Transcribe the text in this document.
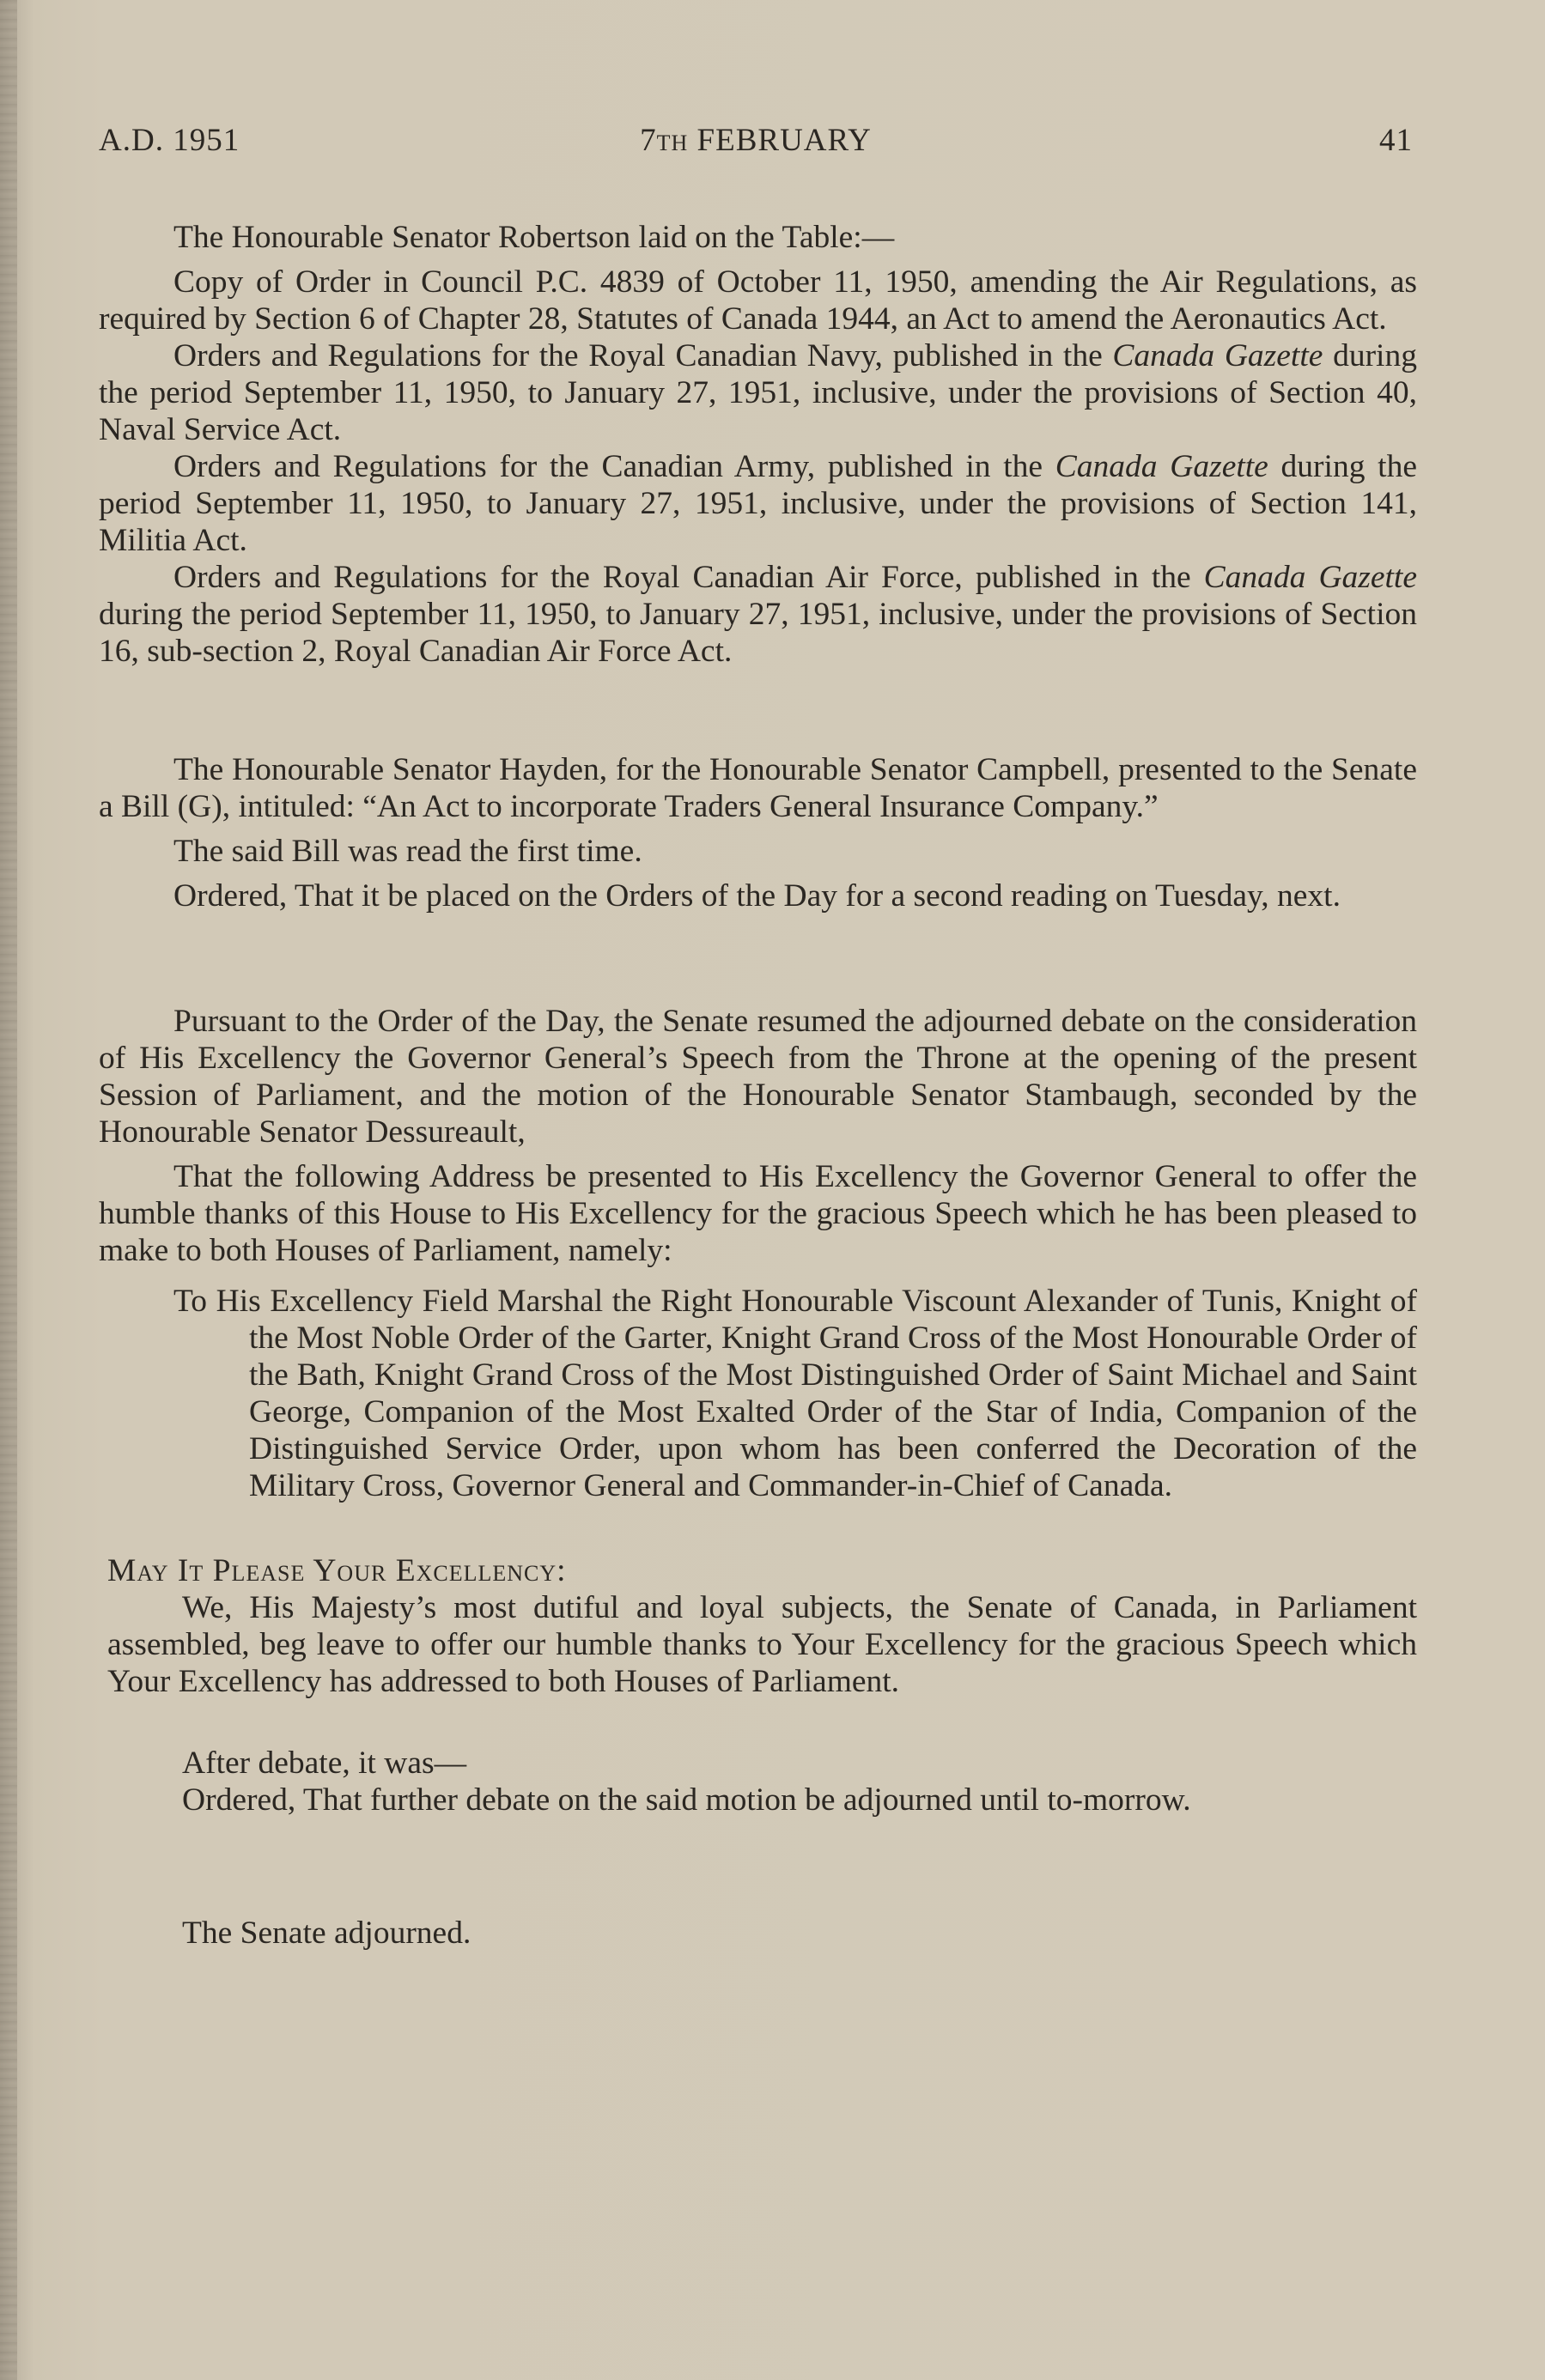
A.D. 1951	7th FEBRUARY	41

The Honourable Senator Robertson laid on the Table:—

Copy of Order in Council P.C. 4839 of October 11, 1950, amending the Air Regulations, as required by Section 6 of Chapter 28, Statutes of Canada 1944, an Act to amend the Aeronautics Act.

Orders and Regulations for the Royal Canadian Navy, published in the Canada Gazette during the period September 11, 1950, to January 27, 1951, inclusive, under the provisions of Section 40, Naval Service Act.

Orders and Regulations for the Canadian Army, published in the Canada Gazette during the period September 11, 1950, to January 27, 1951, inclusive, under the provisions of Section 141, Militia Act.

Orders and Regulations for the Royal Canadian Air Force, published in the Canada Gazette during the period September 11, 1950, to January 27, 1951, inclusive, under the provisions of Section 16, sub-section 2, Royal Canadian Air Force Act.

The Honourable Senator Hayden, for the Honourable Senator Campbell, presented to the Senate a Bill (G), intituled: “An Act to incorporate Traders General Insurance Company.”

The said Bill was read the first time.

Ordered, That it be placed on the Orders of the Day for a second reading on Tuesday, next.

Pursuant to the Order of the Day, the Senate resumed the adjourned debate on the consideration of His Excellency the Governor General’s Speech from the Throne at the opening of the present Session of Parliament, and the motion of the Honourable Senator Stambaugh, seconded by the Honourable Senator Dessureault,

That the following Address be presented to His Excellency the Governor General to offer the humble thanks of this House to His Excellency for the gracious Speech which he has been pleased to make to both Houses of Parliament, namely:

To His Excellency Field Marshal the Right Honourable Viscount Alexander of Tunis, Knight of the Most Noble Order of the Garter, Knight Grand Cross of the Most Honourable Order of the Bath, Knight Grand Cross of the Most Distinguished Order of Saint Michael and Saint George, Companion of the Most Exalted Order of the Star of India, Companion of the Distinguished Service Order, upon whom has been conferred the Decoration of the Military Cross, Governor General and Commander-in-Chief of Canada.

May It Please Your Excellency:

We, His Majesty’s most dutiful and loyal subjects, the Senate of Canada, in Parliament assembled, beg leave to offer our humble thanks to Your Excellency for the gracious Speech which Your Excellency has addressed to both Houses of Parliament.

After debate, it was—

Ordered, That further debate on the said motion be adjourned until to-morrow.

The Senate adjourned.
